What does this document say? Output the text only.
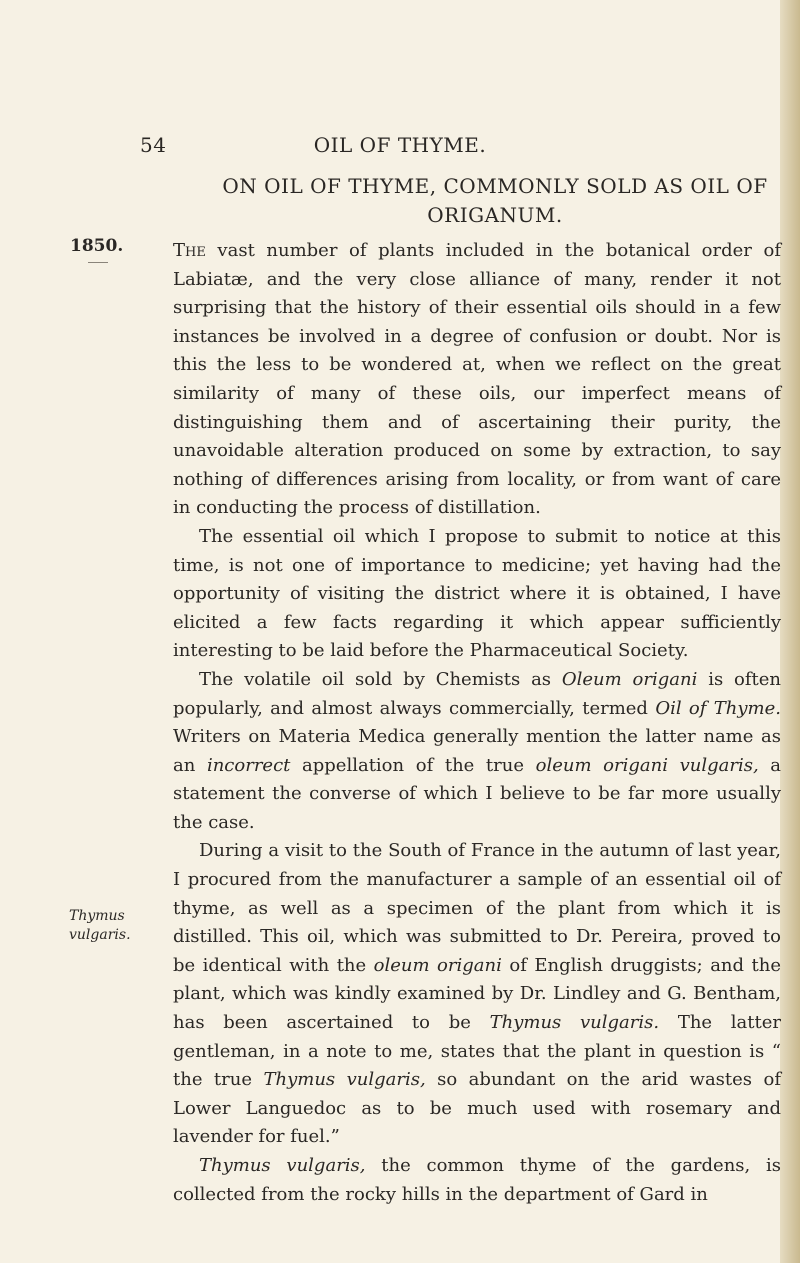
54	OIL OF THYME.
ON OIL OF THYME, COMMONLY SOLD AS OIL OF
ORIGANUM.
1850.
Thymus
vulgaris.

The vast number of plants included in the botanical order of Labiatæ, and the very close alliance of many, render it not surprising that the history of their essential oils should in a few instances be involved in a degree of confusion or doubt. Nor is this the less to be wondered at, when we reflect on the great similarity of many of these oils, our imperfect means of distinguishing them and of ascertaining their purity, the unavoidable alteration produced on some by extraction, to say nothing of differences arising from locality, or from want of care in conducting the process of distillation.

The essential oil which I propose to submit to notice at this time, is not one of importance to medicine; yet having had the opportunity of visiting the district where it is obtained, I have elicited a few facts regarding it which appear sufficiently interesting to be laid before the Pharmaceutical Society.

The volatile oil sold by Chemists as Oleum origani is often popularly, and almost always commercially, termed Oil of Thyme. Writers on Materia Medica generally mention the latter name as an incorrect appellation of the true oleum origani vulgaris, a statement the converse of which I believe to be far more usually the case.

During a visit to the South of France in the autumn of last year, I procured from the manufacturer a sample of an essential oil of thyme, as well as a specimen of the plant from which it is distilled. This oil, which was submitted to Dr. Pereira, proved to be identical with the oleum origani of English druggists; and the plant, which was kindly examined by Dr. Lindley and G. Bentham, has been ascertained to be Thymus vulgaris. The latter gentleman, in a note to me, states that the plant in question is “ the true Thymus vulgaris, so abundant on the arid wastes of Lower Languedoc as to be much used with rosemary and lavender for fuel.”

Thymus vulgaris, the common thyme of the gardens, is collected from the rocky hills in the department of Gard in
